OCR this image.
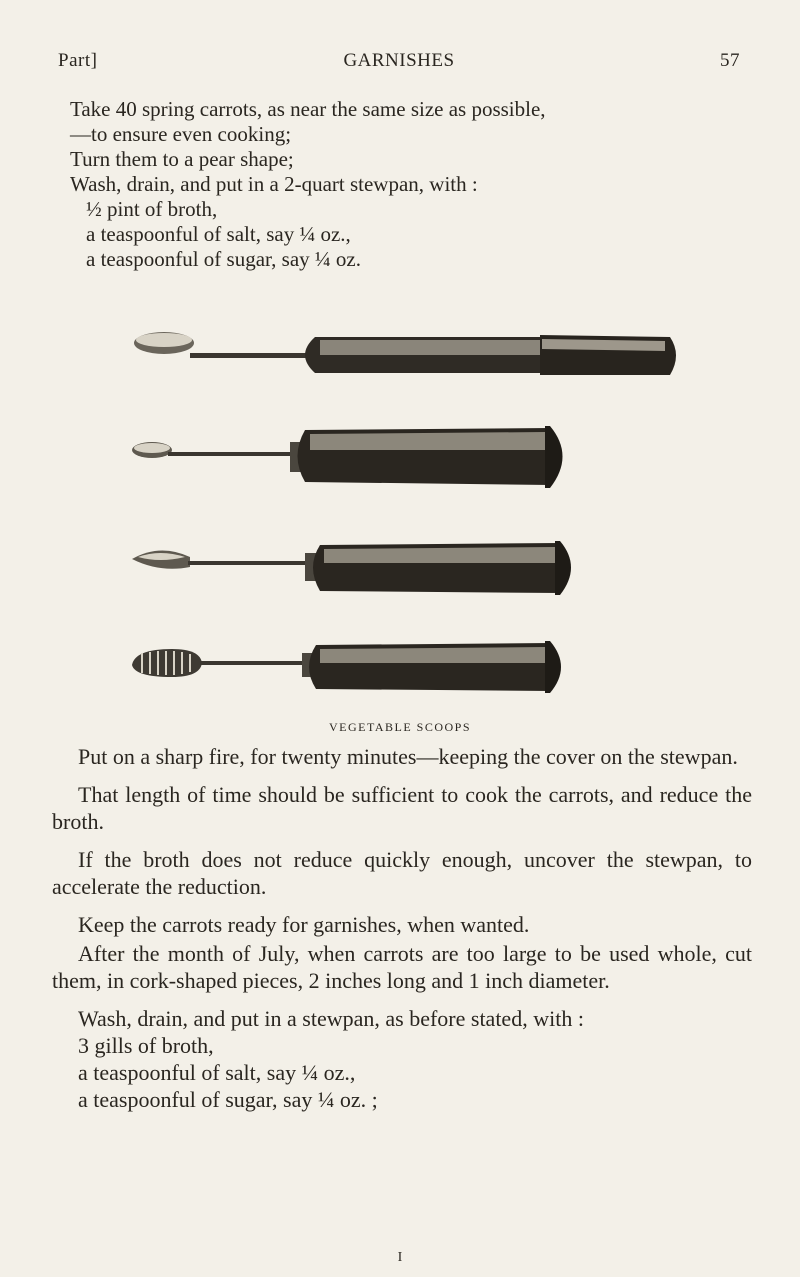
Part]	GARNISHES	57

Take 40 spring carrots, as near the same size as possible,

—to ensure even cooking;

Turn them to a pear shape;

Wash, drain, and put in a 2-quart stewpan, with :

½ pint of broth,

a teaspoonful of salt, say ¼ oz.,

a teaspoonful of sugar, say ¼ oz.

VEGETABLE SCOOPS

Put on a sharp fire, for twenty minutes—keeping the cover on the stewpan.

That length of time should be sufficient to cook the carrots, and reduce the broth.

If the broth does not reduce quickly enough, uncover the stewpan, to accelerate the reduction.

Keep the carrots ready for garnishes, when wanted.

After the month of July, when carrots are too large to be used whole, cut them, in cork-shaped pieces, 2 inches long and 1 inch diameter.

Wash, drain, and put in a stewpan, as before stated, with :

3 gills of broth,
a teaspoonful of salt, say ¼ oz.,
a teaspoonful of sugar, say ¼ oz. ;
I
